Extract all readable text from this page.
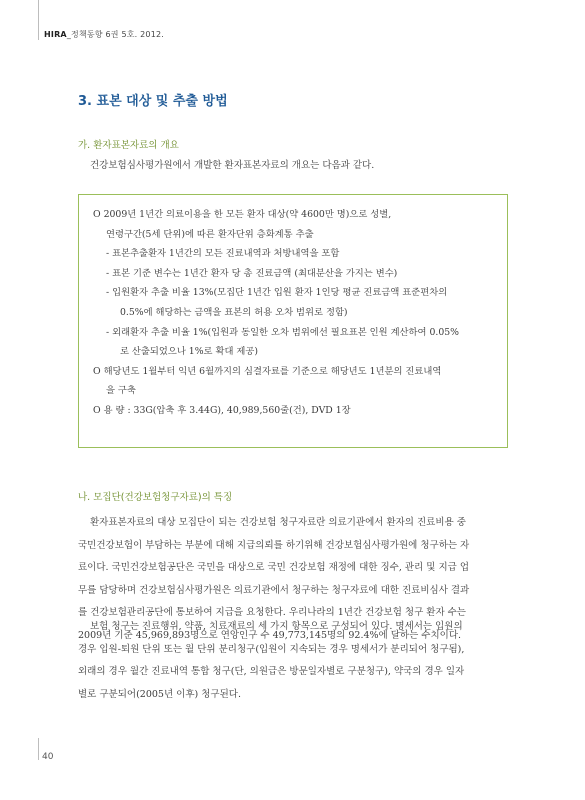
HIRA_정책동향 6권 5호. 2012.
3. 표본 대상 및 추출 방법
가. 환자표본자료의 개요
건강보험심사평가원에서 개발한 환자표본자료의 개요는 다음과 같다.
O 2009년 1년간 의료이용을 한 모든 환자 대상(약 4600만 명)으로 성별,
연령구간(5세 단위)에 따른 환자단위 층화계통 추출
- 표본추출환자 1년간의 모든 진료내역과 처방내역을 포함
- 표본 기준 변수는 1년간 환자 당 총 진료금액 (최대분산을 가지는 변수)
- 입원환자 추출 비율 13%(모집단 1년간 입원 환자 1인당 평균 진료금액 표준편차의
0.5%에 해당하는 금액을 표본의 허용 오차 범위로 정함)
- 외래환자 추출 비율 1%(입원과 동일한 오차 범위에선 필요표본 인원 계산하여 0.05%
로 산출되었으나 1%로 확대 제공)
O 해당년도 1월부터 익년 6월까지의 심결자료를 기준으로 해당년도 1년분의 진료내역
을 구축
O 용 량 : 33G(압축 후 3.44G), 40,989,560줄(건), DVD 1장
나. 모집단(건강보험청구자료)의 특징
환자표본자료의 대상 모집단이 되는 건강보험 청구자료란 의료기관에서 환자의 진료비용 중
국민건강보험이 부담하는 부분에 대해 지급의뢰를 하기위해 건강보험심사평가원에 청구하는 자
료이다. 국민건강보험공단은 국민을 대상으로 국민 건강보험 재정에 대한 징수, 관리 및 지급 업
무를 담당하며 건강보험심사평가원은 의료기관에서 청구하는 청구자료에 대한 진료비심사 결과
를 건강보험관리공단에 통보하여 지급을 요청한다. 우리나라의 1년간 건강보험 청구 환자 수는
2009년 기준 45,969,893명으로 연앙인구 수 49,773,145명의 92.4%에 달하는 수치이다.
보험 청구는 진료행위, 약품, 치료재료의 세 가지 항목으로 구성되어 있다. 명세서는 입원의
경우 입원-퇴원 단위 또는 월 단위 분리청구(입원이 지속되는 경우 명세서가 분리되어 청구됨),
외래의 경우 월간 진료내역 통합 청구(단, 의원급은 방문일자별로 구분청구), 약국의 경우 일자
별로 구분되어(2005년 이후) 청구된다.
40
